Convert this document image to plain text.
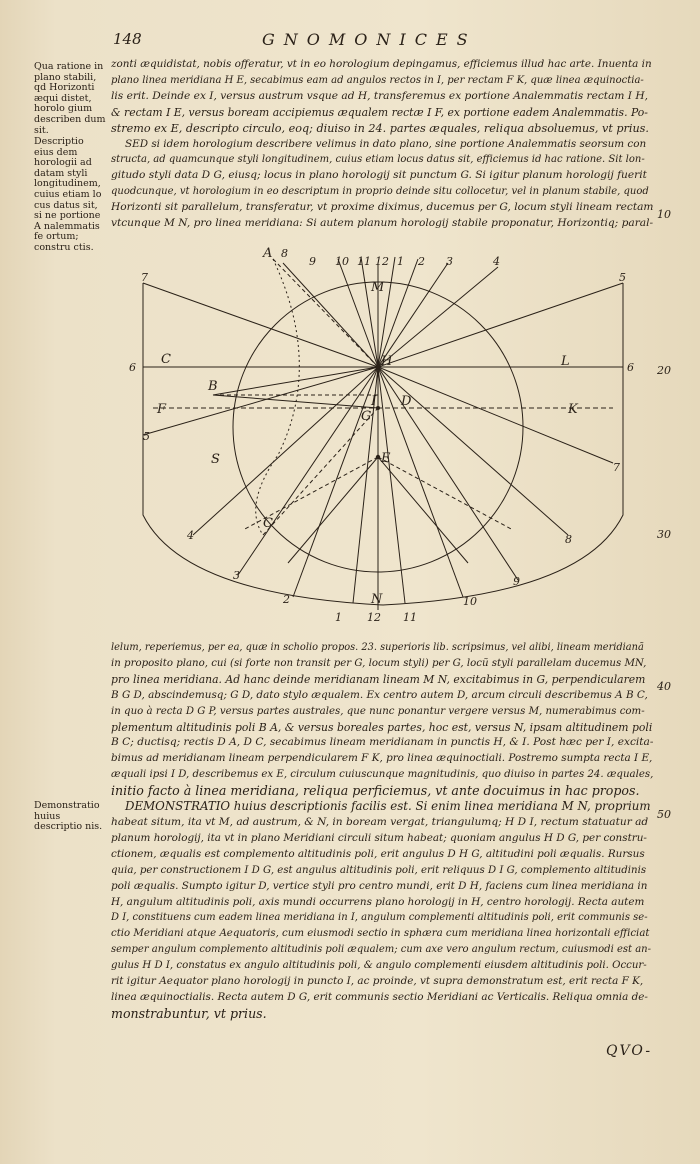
148	GNOMONICES
Qua ratione in plano stabili, qd Horizonti æqui distet, horolo gium describen dum sit.
Descriptio eius dem horologii ad datam styli longitudinem, cuius etiam lo cus datus sit, si ne portione A nalemmatis fe ortum; constru ctis.
Demonstratio huius descriptio nis.
10
20
30
40
50
zonti æquidistat, nobis offeratur, vt in eo horologium depingamus, efficiemus illud hac arte. Inuenta in
plano linea meridiana H E, secabimus eam ad angulos rectos in I, per rectam F K, quæ linea æquinoctia-
lis erit. Deinde ex I, versus austrum vsque ad H, transferemus ex portione Analemmatis rectam I H,
& rectam I E, versus boream accipiemus æqualem rectæ I F, ex portione eadem Analemmatis. Po-
stremo ex E, descripto circulo, eoq; diuiso in 24. partes æquales, reliqua absoluemus, vt prius.
SED si idem horologium describere velimus in dato plano, sine portione Analemmatis seorsum con
structa, ad quamcunque styli longitudinem, cuius etiam locus datus sit, efficiemus id hac ratione. Sit lon-
gitudo styli data D G, eiusq; locus in plano horologij sit punctum G. Si igitur planum horologij fuerit
quodcunque, vt horologium in eo descriptum in proprio deinde situ collocetur, vel in planum stabile, quod
Horizonti sit parallelum, transferatur, vt proxime diximus, ducemus per G, locum styli lineam rectam
vtcunque M N, pro linea meridiana: Si autem planum horologij stabile proponatur, Horizontiq; paral-
A
B
C
D
E
F	G
H
I
K
L
M
N
C
S
7
8
9 10 11 12 1 2 3	4
5
6	6
5
4
3
2
1 12 11
10
9
8
7
lelum, reperiemus, per ea, quæ in scholio propos. 23. superioris lib. scripsimus, vel alibi, lineam meridianã
in proposito plano, cui (si forte non transit per G, locum styli) per G, locũ styli parallelam ducemus MN,
pro linea meridiana. Ad hanc deinde meridianam lineam M N, excitabimus in G, perpendicularem
B G D, abscindemusq; G D, dato stylo æqualem. Ex centro autem D, arcum circuli describemus A B C,
in quo à recta D G P, versus partes australes, que nunc ponantur vergere versus M, numerabimus com-
plementum altitudinis poli B A, & versus boreales partes, hoc est, versus N, ipsam altitudinem poli
B C; ductisq; rectis D A, D C, secabimus lineam meridianam in punctis H, & I. Post hæc per I, excita-
bimus ad meridianam lineam perpendicularem F K, pro linea æquinoctiali. Postremo sumpta recta I E,
æquali ipsi I D, describemus ex E, circulum cuiuscunque magnitudinis, quo diuiso in partes 24. æquales,
initio facto à linea meridiana, reliqua perficiemus, vt ante docuimus in hac propos.
DEMONSTRATIO huius descriptionis facilis est. Si enim linea meridiana M N, proprium
habeat situm, ita vt M, ad austrum, & N, in boream vergat, triangulumq; H D I, rectum statuatur ad
planum horologij, ita vt in plano Meridiani circuli situm habeat; quoniam angulus H D G, per constru-
ctionem, æqualis est complemento altitudinis poli, erit angulus D H G, altitudini poli æqualis. Rursus
quia, per constructionem I D G, est angulus altitudinis poli, erit reliquus D I G, complemento altitudinis
poli æqualis. Sumpto igitur D, vertice styli pro centro mundi, erit D H, faciens cum linea meridiana in
H, angulum altitudinis poli, axis mundi occurrens plano horologij in H, centro horologij. Recta autem
D I, constituens cum eadem linea meridiana in I, angulum complementi altitudinis poli, erit communis se-
ctio Meridiani atque Aequatoris, cum eiusmodi sectio in sphæra cum meridiana linea horizontali efficiat
semper angulum complemento altitudinis poli æqualem; cum axe vero angulum rectum, cuiusmodi est an-
gulus H D I, constatus ex angulo altitudinis poli, & angulo complementi eiusdem altitudinis poli. Occur-
rit igitur Aequator plano horologij in puncto I, ac proinde, vt supra demonstratum est, erit recta F K,
linea æquinoctialis. Recta autem D G, erit communis sectio Meridiani ac Verticalis. Reliqua omnia de-
monstrabuntur, vt prius.
QVO-
